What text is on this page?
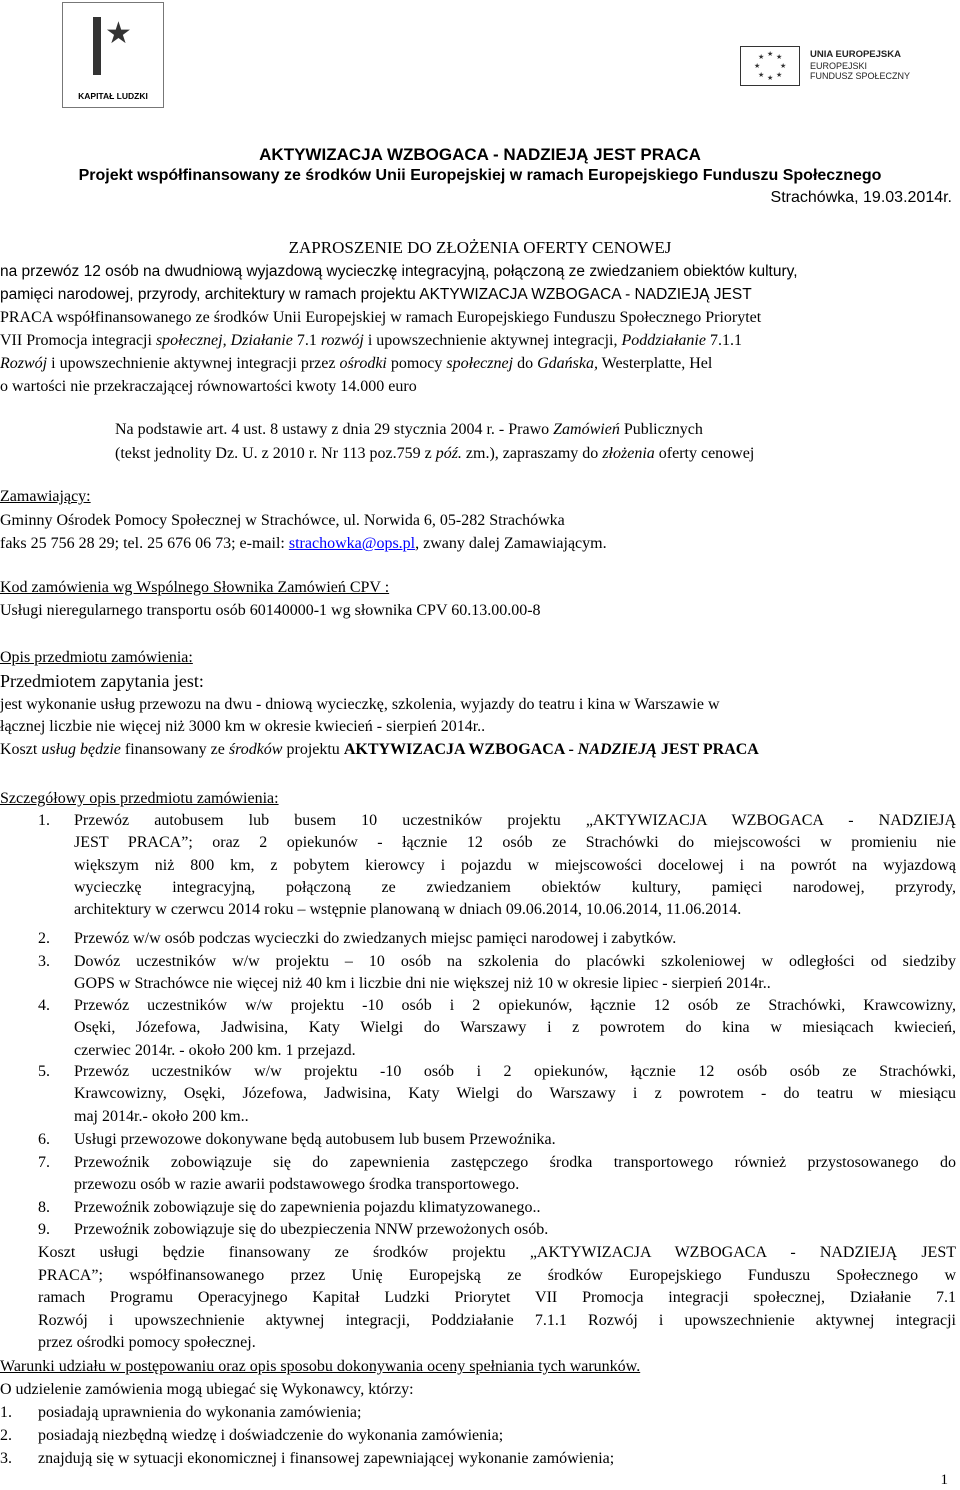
★
KAPITAŁ LUDZKI
★ ★
★
★
★
★
★
★	UNIA EUROPEJSKA
EUROPEJSKI
FUNDUSZ SPOŁECZNY
AKTYWIZACJA WZBOGACA - NADZIEJĄ JEST PRACA
Projekt współfinansowany ze środków Unii Europejskiej w ramach Europejskiego Funduszu Społecznego
Strachówka, 19.03.2014r.
ZAPROSZENIE DO ZŁOŻENIA OFERTY CENOWEJ
na przewóz 12 osób na dwudniową wyjazdową wycieczkę integracyjną, połączoną ze zwiedzaniem obiektów kultury,
pamięci narodowej, przyrody, architektury w ramach projektu AKTYWIZACJA WZBOGACA - NADZIEJĄ JEST
PRACA współfinansowanego ze środków Unii Europejskiej w ramach Europejskiego Funduszu Społecznego Priorytet
VII Promocja integracji społecznej, Działanie 7.1 rozwój i upowszechnienie aktywnej integracji, Poddziałanie 7.1.1
Rozwój i upowszechnienie aktywnej integracji przez ośrodki pomocy społecznej do Gdańska, Westerplatte, Hel
o wartości nie przekraczającej równowartości kwoty 14.000 euro
Na podstawie art. 4 ust. 8 ustawy z dnia 29 stycznia 2004 r. - Prawo Zamówień Publicznych
(tekst jednolity Dz. U. z 2010 r. Nr 113 poz.759 z póź. zm.), zapraszamy do złożenia oferty cenowej
Zamawiający:
Gminny Ośrodek Pomocy Społecznej w Strachówce, ul. Norwida 6, 05-282 Strachówka
faks 25 756 28 29; tel. 25 676 06 73; e-mail: strachowka@ops.pl, zwany dalej Zamawiającym.
Kod zamówienia wg Wspólnego Słownika Zamówień CPV :
Usługi nieregularnego transportu osób 60140000-1 wg słownika CPV 60.13.00.00-8
Opis przedmiotu zamówienia:
Przedmiotem zapytania jest:
jest wykonanie usług przewozu na dwu - dniową wycieczkę, szkolenia, wyjazdy do teatru i kina w Warszawie w
łącznej liczbie nie więcej niż 3000 km w okresie kwiecień - sierpień 2014r..
Koszt usług będzie finansowany ze środków projektu AKTYWIZACJA WZBOGACA - NADZIEJĄ JEST PRACA
Szczegółowy opis przedmiotu zamówienia:
1. Przewóz autobusem lub busem 10 uczestników projektu „AKTYWIZACJA WZBOGACA - NADZIEJĄ
JEST PRACA”; oraz 2 opiekunów - łącznie 12 osób ze Strachówki do miejscowości w promieniu nie
większym niż 800 km, z pobytem kierowcy i pojazdu w miejscowości docelowej i na powrót na wyjazdową
wycieczkę integracyjną, połączoną ze zwiedzaniem obiektów kultury, pamięci narodowej, przyrody,
architektury w czerwcu 2014 roku – wstępnie planowaną w dniach 09.06.2014, 10.06.2014, 11.06.2014.
2. Przewóz w/w osób podczas wycieczki do zwiedzanych miejsc pamięci narodowej i zabytków.
3. Dowóz uczestników w/w projektu – 10 osób na szkolenia do placówki szkoleniowej w odległości od siedziby
GOPS w Strachówce nie więcej niż 40 km i liczbie dni nie większej niż 10 w okresie lipiec - sierpień 2014r..
4. Przewóz uczestników w/w projektu -10 osób i 2 opiekunów, łącznie 12 osób ze Strachówki, Krawcowizny,
Osęki, Józefowa, Jadwisina, Katy Wielgi do Warszawy i z powrotem do kina w miesiącach kwiecień,
czerwiec 2014r. - około 200 km. 1 przejazd.
5. Przewóz uczestników w/w projektu -10 osób i 2 opiekunów, łącznie 12 osób osób ze Strachówki,
Krawcowizny, Osęki, Józefowa, Jadwisina, Katy Wielgi do Warszawy i z powrotem - do teatru w miesiącu
maj 2014r.- około 200 km..
6. Usługi przewozowe dokonywane będą autobusem lub busem Przewoźnika.
7. Przewoźnik zobowiązuje się do zapewnienia zastępczego środka transportowego również przystosowanego do
przewozu osób w razie awarii podstawowego środka transportowego.
8. Przewoźnik zobowiązuje się do zapewnienia pojazdu klimatyzowanego..
9. Przewoźnik zobowiązuje się do ubezpieczenia NNW przewożonych osób.
Koszt usługi będzie finansowany ze środków projektu „AKTYWIZACJA WZBOGACA - NADZIEJĄ JEST
PRACA”; współfinansowanego przez Unię Europejską ze środków Europejskiego Funduszu Społecznego w
ramach Programu Operacyjnego Kapitał Ludzki Priorytet VII Promocja integracji społecznej, Działanie 7.1
Rozwój i upowszechnienie aktywnej integracji, Poddziałanie 7.1.1 Rozwój i upowszechnienie aktywnej integracji
przez ośrodki pomocy społecznej.
Warunki udziału w postępowaniu oraz opis sposobu dokonywania oceny spełniania tych warunków.
O udzielenie zamówienia mogą ubiegać się Wykonawcy, którzy:
1. posiadają uprawnienia do wykonania zamówienia;
2. posiadają niezbędną wiedzę i doświadczenie do wykonania zamówienia;
3. znajdują się w sytuacji ekonomicznej i finansowej zapewniającej wykonanie zamówienia;
1
